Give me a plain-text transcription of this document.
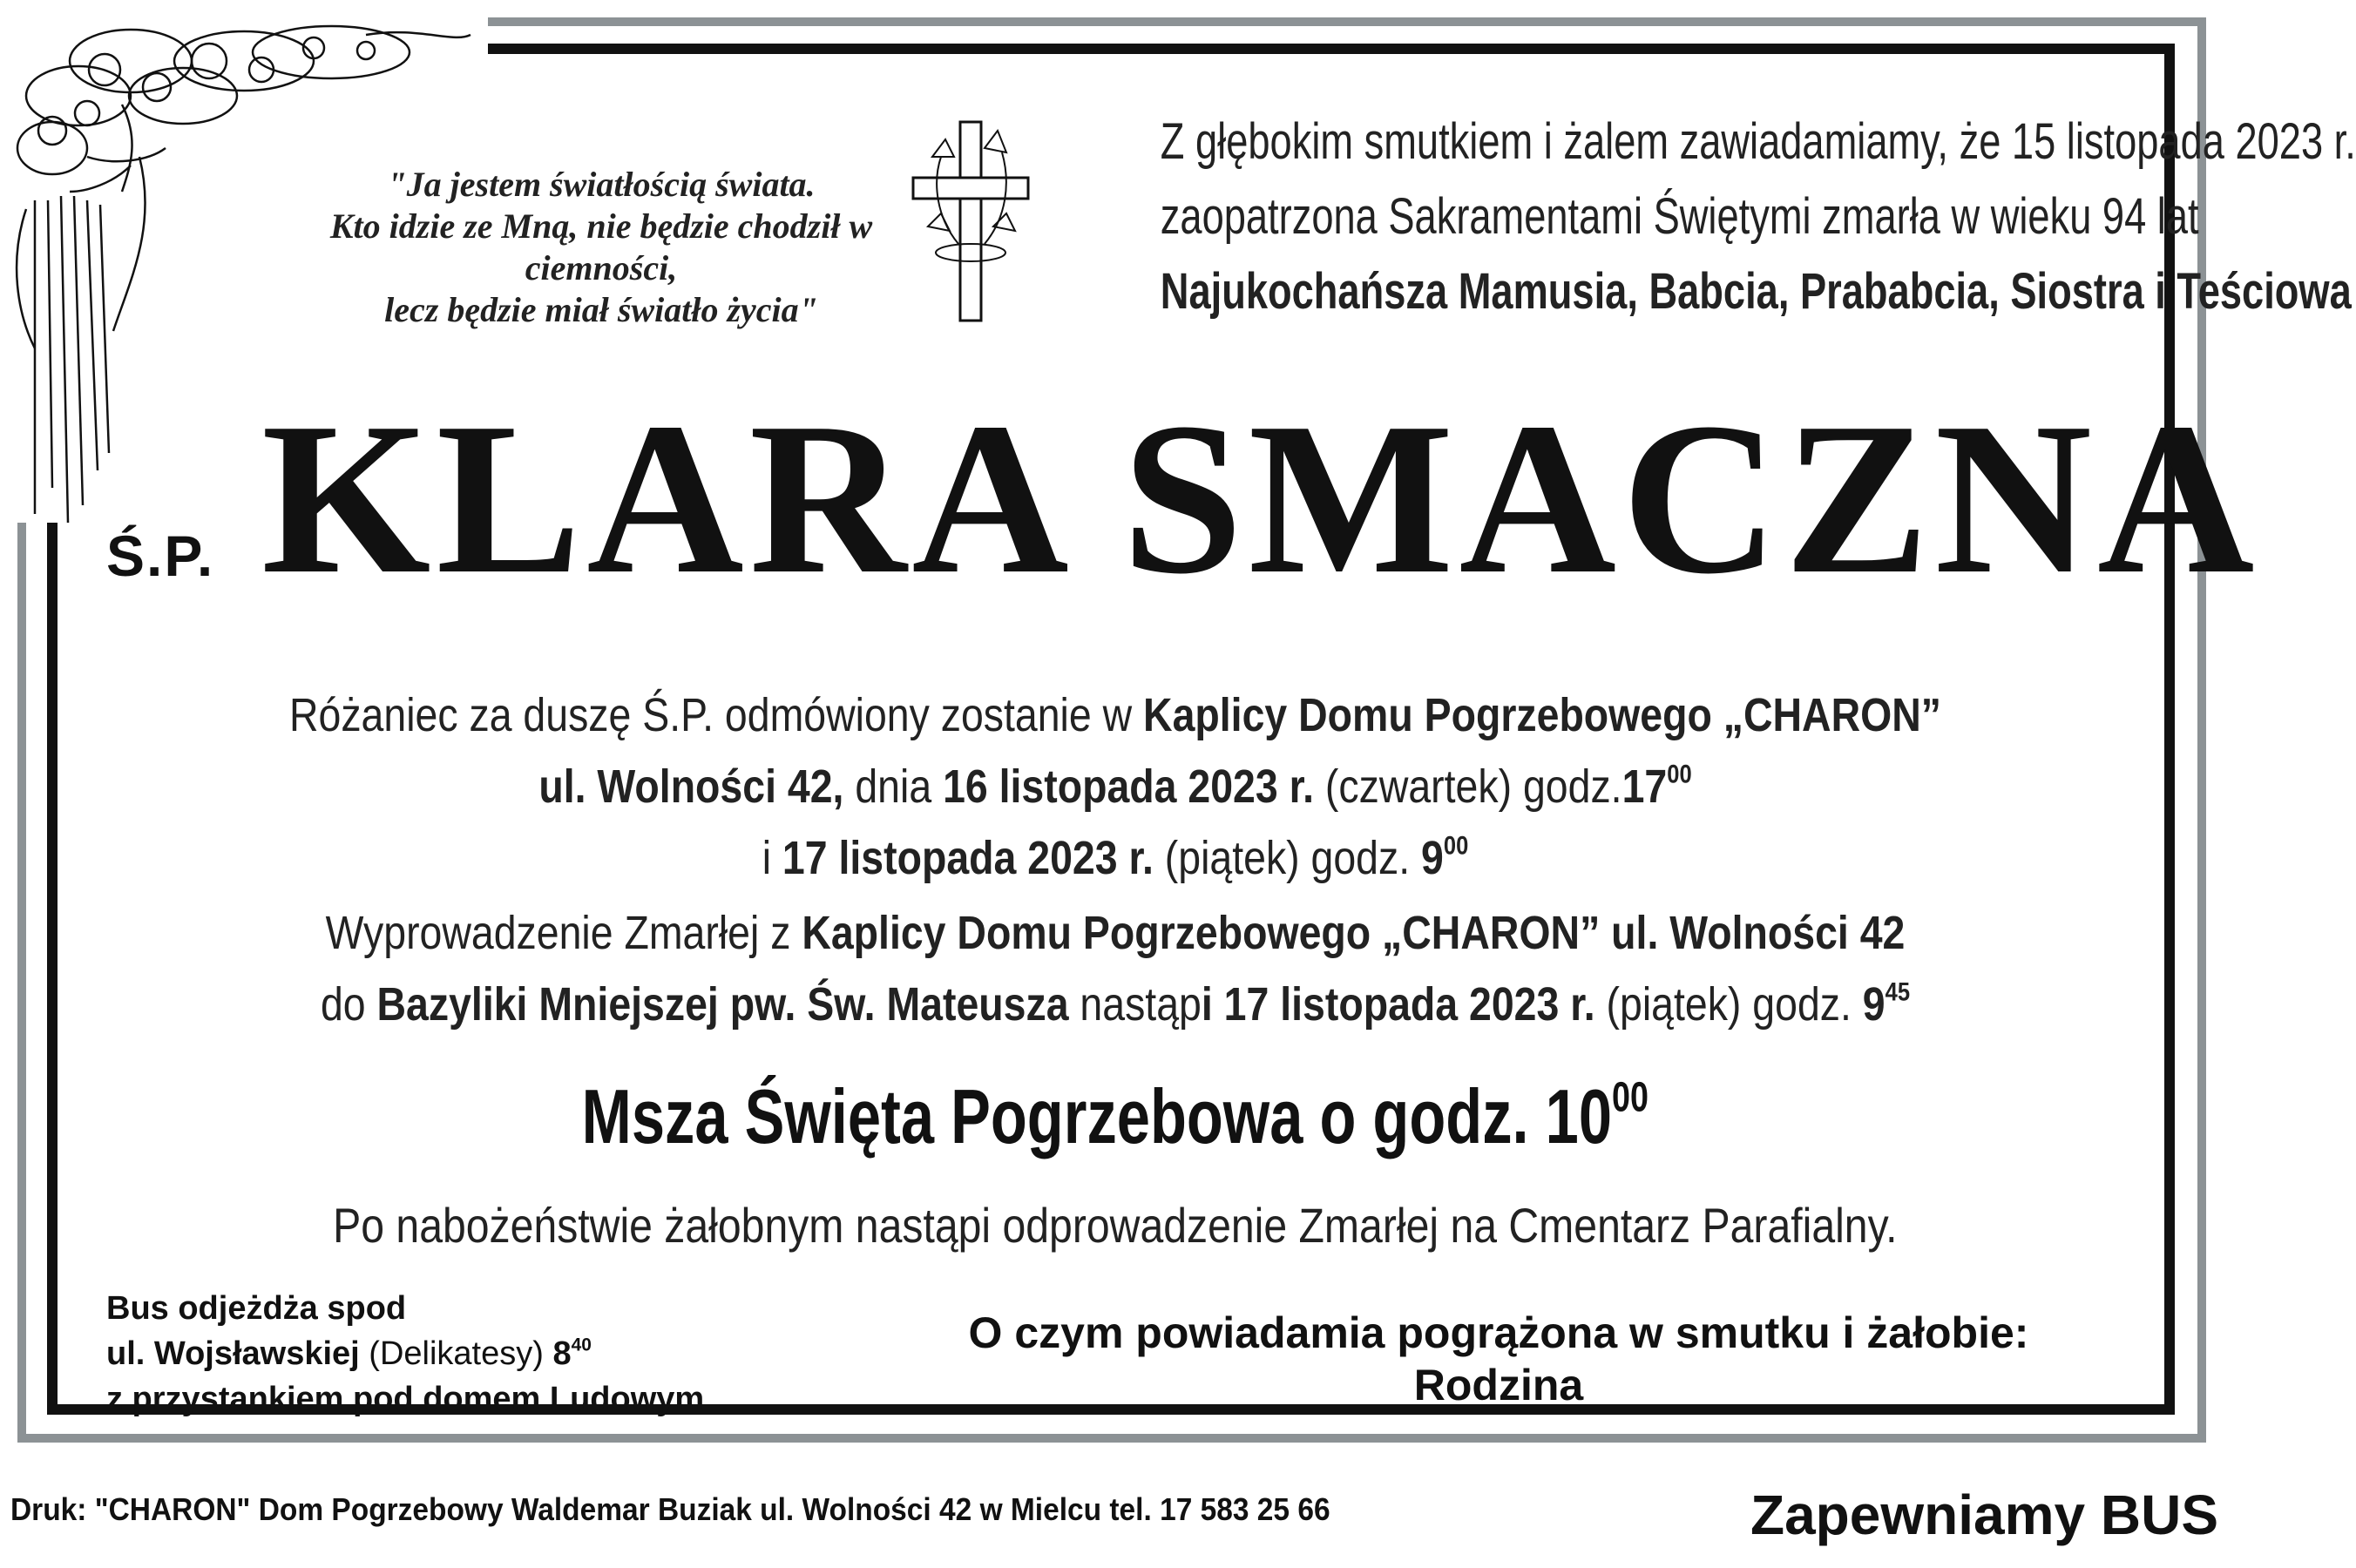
"Ja jestem światłością świata.
Kto idzie ze Mną, nie będzie chodził w ciemności,
lecz będzie miał światło życia"
Z głębokim smutkiem i żalem zawiadamiamy, że 15 listopada 2023 r.
zaopatrzona Sakramentami Świętymi zmarła w wieku 94 lat
Najukochańsza Mamusia, Babcia, Prababcia, Siostra i Teściowa
Ś.P. KLARA SMACZNA
Różaniec za duszę Ś.P. odmówiony zostanie w Kaplicy Domu Pogrzebowego „CHARON”
ul. Wolności 42, dnia 16 listopada 2023 r. (czwartek) $godz.17^{00}$
i 17 listopada 2023 r. (piątek) godz. $9^{00}$
Wyprowadzenie Zmarłej z Kaplicy Domu Pogrzebowego „CHARON” ul. Wolności 42
do Bazyliki Mniejszej pw. Św. Mateusza nastąpi 17 listopada 2023 r. (piątek) godz. $9^{45}$
Msza Święta Pogrzebowa o godz. $10^{00}$
Po nabożeństwie żałobnym nastąpi odprowadzenie Zmarłej na Cmentarz Parafialny.
Bus odjeżdża spod
ul. Wojsławskiej (Delikatesy) $8^{40}$
z przystankiem pod domem Ludowym
O czym powiadamia pogrążona w smutku i żałobie:
Rodzina
Druk: "CHARON" Dom Pogrzebowy Waldemar Buziak ul. Wolności 42 w Mielcu tel. 17 583 25 66	Zapewniamy BUS
